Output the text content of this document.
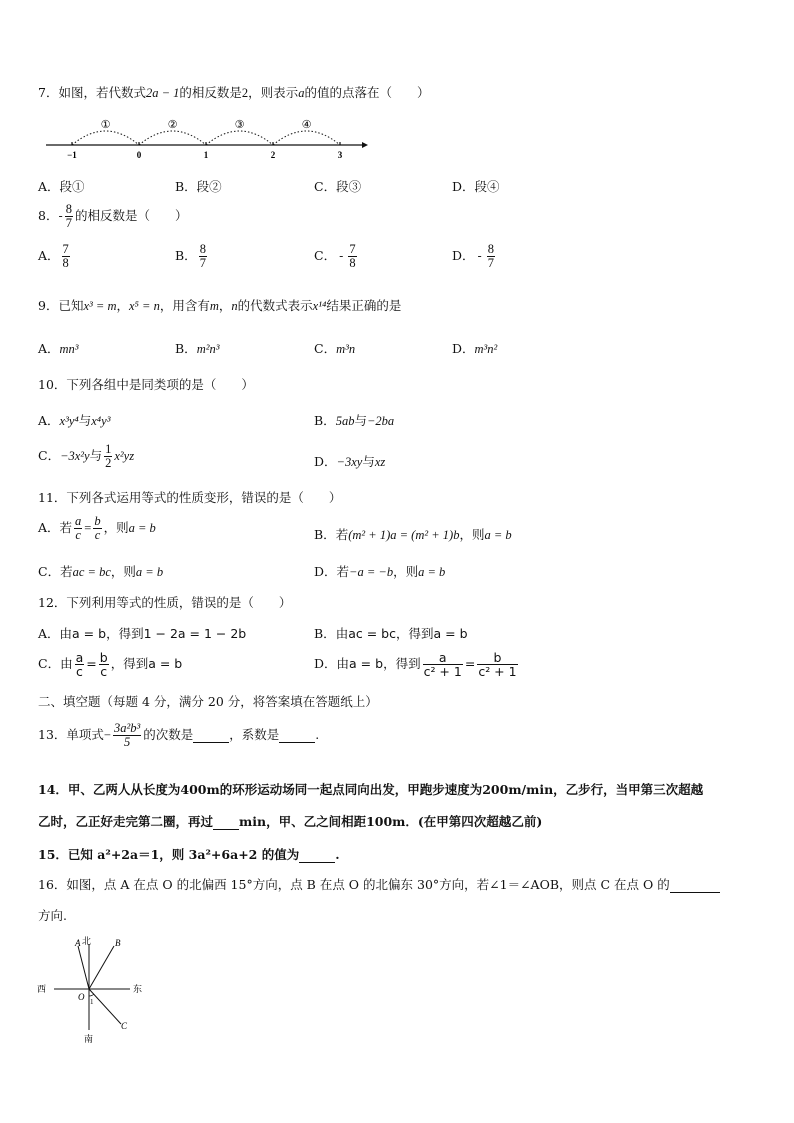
7．如图，若代数式2a − 1的相反数是2，则表示a的值的点落在（　　）
−1	0	1	2	3
①	②	③	④
A．段①	B．段②	C．段③	D．段④
8．- $\frac{8}{7}$ 的相反数是（　　）
A． $\frac{7}{8}$	B． $\frac{8}{7}$	C． - $\frac{7}{8}$	D． - $\frac{8}{7}$
9．已知x³ = m，x⁵ = n，用含有m，n的代数式表示x¹⁴结果正确的是
A．mn³	B．m²n³	C．m³n	D．m³n²
10．下列各组中是同类项的是（　　）
A．x³y⁴与x⁴y³	B．5ab与−2ba
C．−3x²y与 $\frac{1}{2} x^2yz$	D．−3xy与xz
11．下列各式运用等式的性质变形，错误的是（　　）
A．若 $\frac{a}{c} = \frac{b}{c}$ ，则a = b	B．若(m² + 1)a = (m² + 1)b，则a = b
C．若ac = bc，则a = b	D．若−a = −b，则a = b
12．下列利用等式的性质，错误的是（　　）
A．由a = b，得到1 − 2a = 1 − 2b	B．由ac = bc，得到a = b
C．由 $\frac{a}{c} = \frac{b}{c}$ ，得到a = b	D．由a = b，得到 $\frac{a}{\text{c² + 1}} = \frac{b}{\text{c² + 1}}$
二、填空题（每题 4 分，满分 20 分，将答案填在答题纸上）
13．单项式− $\frac{\text{3a²b³}}{5}$ 的次数是	，系数是	.
14．甲、乙两人从长度为400m的环形运动场同一起点同向出发，甲跑步速度为200m/min，乙步行，当甲第三次超越
乙时，乙正好走完第二圈，再过 min，甲、乙之间相距100m．(在甲第四次超越乙前)
15．已知 a²+2a＝1，则 3a²+6a+2 的值为	.
16．如图，点 A 在点 O 的北偏西 15°方向，点 B 在点 O 的北偏东 30°方向，若∠1＝∠AOB，则点 C 在点 O 的
方向.
A 北	B
西	东
O 1
C
南
